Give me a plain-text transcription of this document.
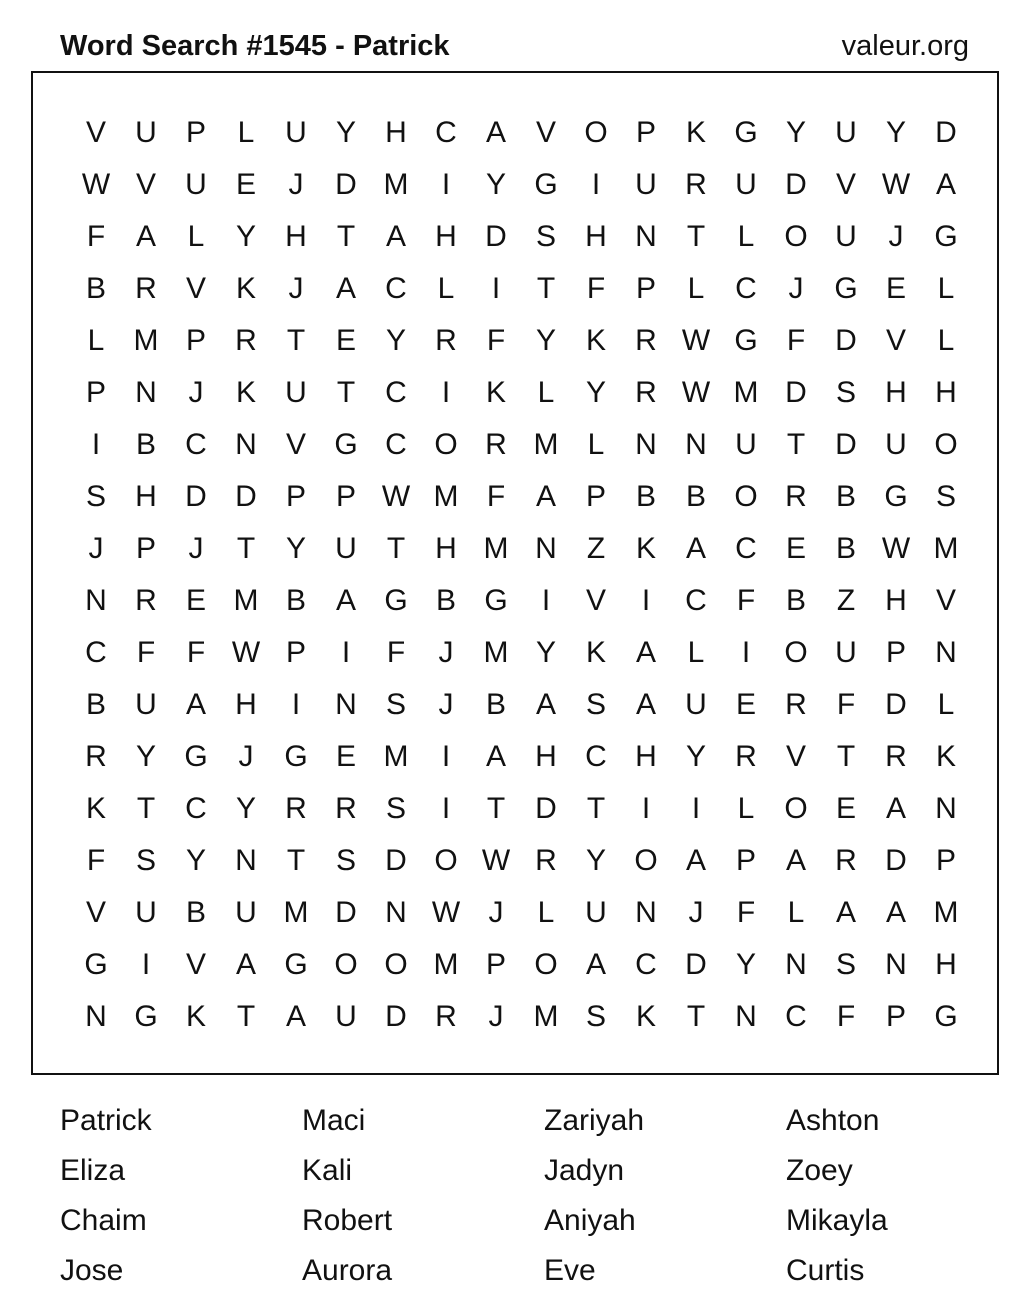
Word Search #1545 - Patrick	valeur.org
V U P	L	U Y H C A V O P K G Y U Y D
W V U E	J	D M	I	Y G	I	U R U D V W A
F	A	L	Y H	T	A H D S H N	T	L O U	J	G
B R V K	J	A C	L	I	T	F	P	L	C	J	G E	L
L M P R	T	E Y R	F	Y K R W G F	D V	L
P N	J	K U	T	C	I	K	L	Y R W M D S H H
I	B C N V G C O R M L	N N U	T	D U O
S H D D P P W M F	A P B B O R B G S
J	P	J	T	Y U	T	H M N	Z	K A C E B W M
N R E M B A G B G	I	V	I	C	F	B	Z	H V
C	F	F W P	I	F	J	M Y K A	L	I	O U P N
B U A H	I	N S	J	B A S A U E R	F	D	L
R Y G	J	G E M	I	A H C H Y R V	T	R K
K	T	C Y R R S	I	T	D	T	I	I	L O E A N
F	S Y N	T	S D O W R Y O A P A R D P
V U B U M D N W J	L	U N	J	F	L	A A M
G	I	V A G O O M P O A C D Y N S N H
N G K	T	A U D R	J	M S K	T	N C	F	P G
Patrick	Maci	Zariyah	Ashton
Eliza	Kali	Jadyn	Zoey
Chaim	Robert	Aniyah	Mikayla
Jose	Aurora	Eve	Curtis
